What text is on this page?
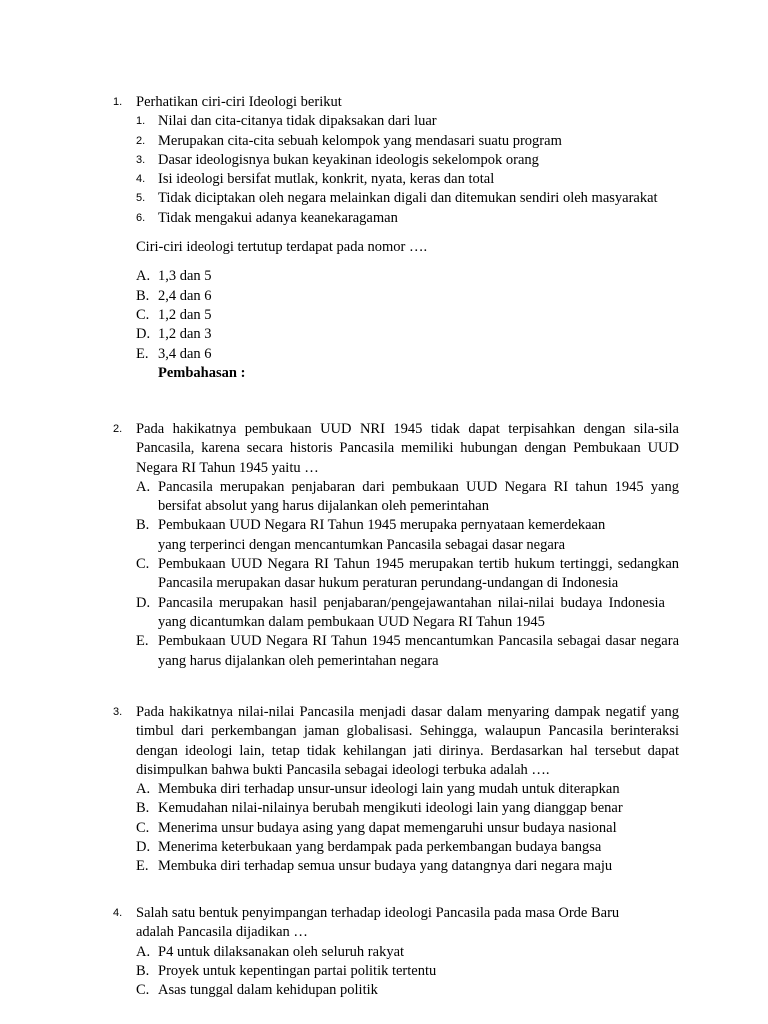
1. Perhatikan ciri-ciri Ideologi berikut
1. Nilai dan cita-citanya tidak dipaksakan dari luar
2. Merupakan cita-cita sebuah kelompok yang mendasari suatu program
3. Dasar ideologisnya bukan keyakinan ideologis sekelompok orang
4. Isi ideologi bersifat mutlak, konkrit, nyata, keras dan total
5. Tidak diciptakan oleh negara melainkan digali dan ditemukan sendiri oleh masyarakat
6. Tidak mengakui adanya keanekaragaman
Ciri-ciri ideologi tertutup terdapat pada nomor ….
A. 1,3 dan 5
B. 2,4 dan 6
C. 1,2 dan 5
D. 1,2 dan 3
E. 3,4 dan 6
Pembahasan :
2. Pada hakikatnya pembukaan UUD NRI 1945 tidak dapat terpisahkan dengan sila-sila Pancasila, karena secara historis Pancasila memiliki hubungan dengan Pembukaan UUD Negara RI Tahun 1945 yaitu …
A. Pancasila merupakan penjabaran dari pembukaan UUD Negara RI tahun 1945 yang bersifat absolut yang harus dijalankan oleh pemerintahan
B. Pembukaan UUD Negara RI Tahun 1945 merupaka pernyataan kemerdekaan yang terperinci dengan mencantumkan Pancasila sebagai dasar negara
C. Pembukaan UUD Negara RI Tahun 1945 merupakan tertib hukum tertinggi, sedangkan Pancasila merupakan dasar hukum peraturan perundang-undangan di Indonesia
D. Pancasila merupakan hasil penjabaran/pengejawantahan nilai-nilai budaya Indonesia yang dicantumkan dalam pembukaan UUD Negara RI Tahun 1945
E. Pembukaan UUD Negara RI Tahun 1945 mencantumkan Pancasila sebagai dasar negara yang harus dijalankan oleh pemerintahan negara
3. Pada hakikatnya nilai-nilai Pancasila menjadi dasar dalam menyaring dampak negatif yang timbul dari perkembangan jaman globalisasi. Sehingga, walaupun Pancasila berinteraksi dengan ideologi lain, tetap tidak kehilangan jati dirinya. Berdasarkan hal tersebut dapat disimpulkan bahwa bukti Pancasila sebagai ideologi terbuka adalah ….
A. Membuka diri terhadap unsur-unsur ideologi lain yang mudah untuk diterapkan
B. Kemudahan nilai-nilainya berubah mengikuti ideologi lain yang dianggap benar
C. Menerima unsur budaya asing yang dapat memengaruhi unsur budaya nasional
D. Menerima keterbukaan yang berdampak pada perkembangan budaya bangsa
E. Membuka diri terhadap semua unsur budaya yang datangnya dari negara maju
4. Salah satu bentuk penyimpangan terhadap ideologi Pancasila pada masa Orde Baru adalah Pancasila dijadikan …
A. P4 untuk dilaksanakan oleh seluruh rakyat
B. Proyek untuk kepentingan partai politik tertentu
C. Asas tunggal dalam kehidupan politik
